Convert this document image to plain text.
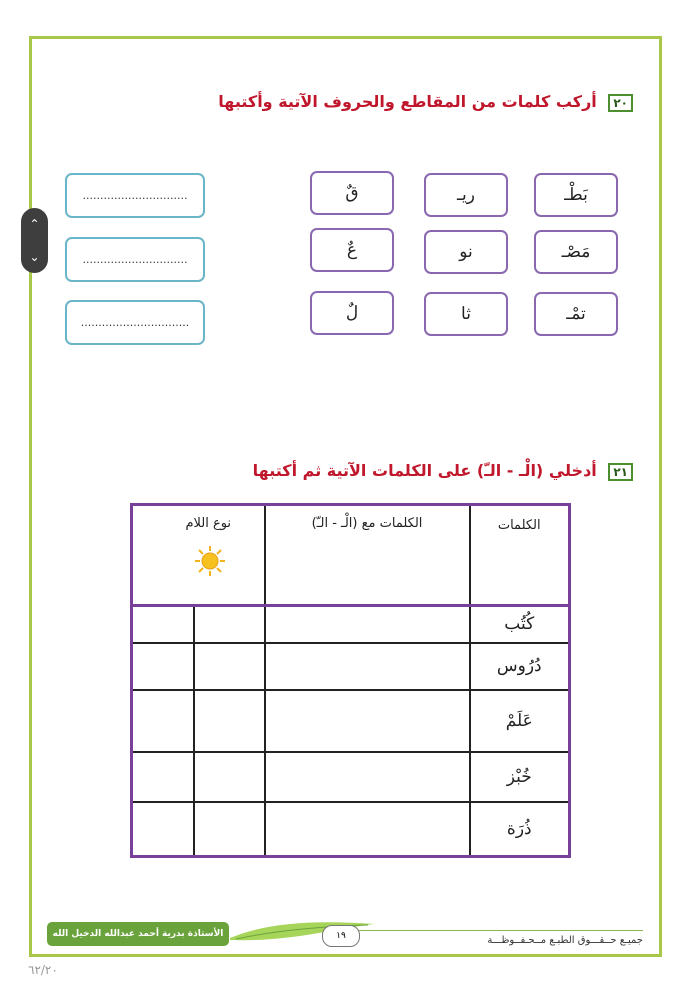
⌃
⌄
٢٠ أركب كلمات من المقاطع والحروف الآتية وأكتبها
بَطْـ
ريـ
قٌ
مَصْـ
نو
عٌ
تمْـ
ثا
لٌ
..............................
..............................
...............................
٢١ أدخلي (الْـ - الـّ) على الكلمات الآتية ثم أكتبها
نوع اللام		الكلمات مع (الْـ - الـّ)	الكلمات

			كُتُب
			دُرُوس
			عَلَمْ
			خُبْز
			ذُرَة
١٩
الأستاذة بدرية أحمد عبدالله الدخيل الله
جميـع حــقـــوق الطبـع مــحـفــوظـــة
٦٢/٢٠
